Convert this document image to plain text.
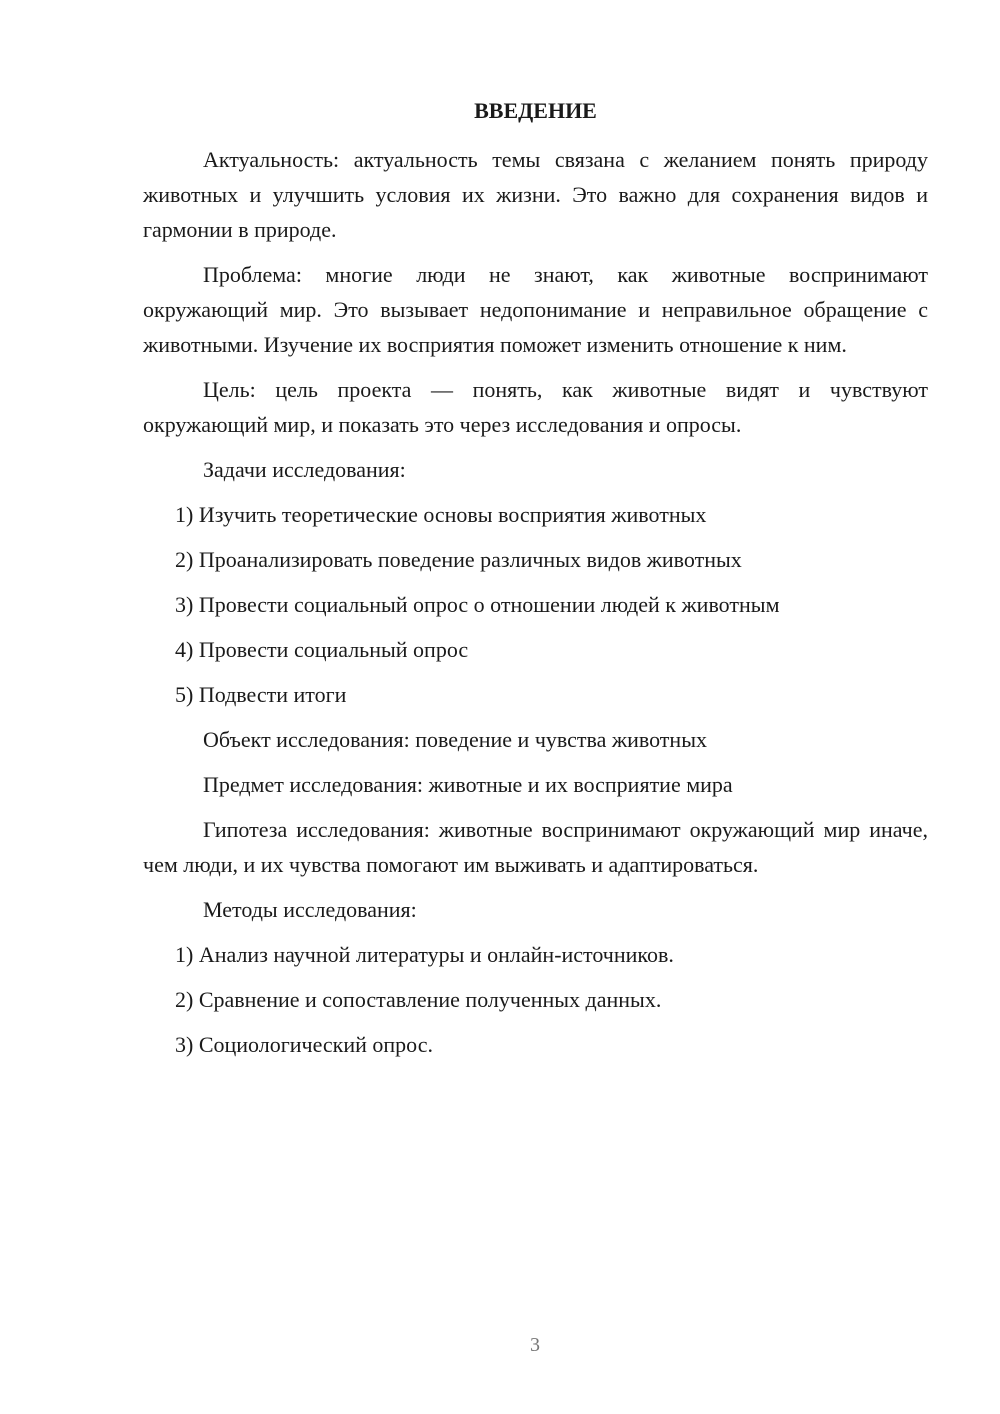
ВВЕДЕНИЕ

Актуальность: актуальность темы связана с желанием понять природу животных и улучшить условия их жизни. Это важно для сохранения видов и гармонии в природе.

Проблема: многие люди не знают, как животные воспринимают окружающий мир. Это вызывает недопонимание и неправильное обращение с животными. Изучение их восприятия поможет изменить отношение к ним.

Цель: цель проекта — понять, как животные видят и чувствуют окружающий мир, и показать это через исследования и опросы.

Задачи исследования:
1) Изучить теоретические основы восприятия животных
2) Проанализировать поведение различных видов животных
3) Провести социальный опрос о отношении людей к животным
4) Провести социальный опрос
5) Подвести итоги
Объект исследования: поведение и чувства животных
Предмет исследования: животные и их восприятие мира

Гипотеза исследования: животные воспринимают окружающий мир иначе, чем люди, и их чувства помогают им выживать и адаптироваться.

Методы исследования:
1) Анализ научной литературы и онлайн-источников.
2) Сравнение и сопоставление полученных данных.
3) Социологический опрос.
3
